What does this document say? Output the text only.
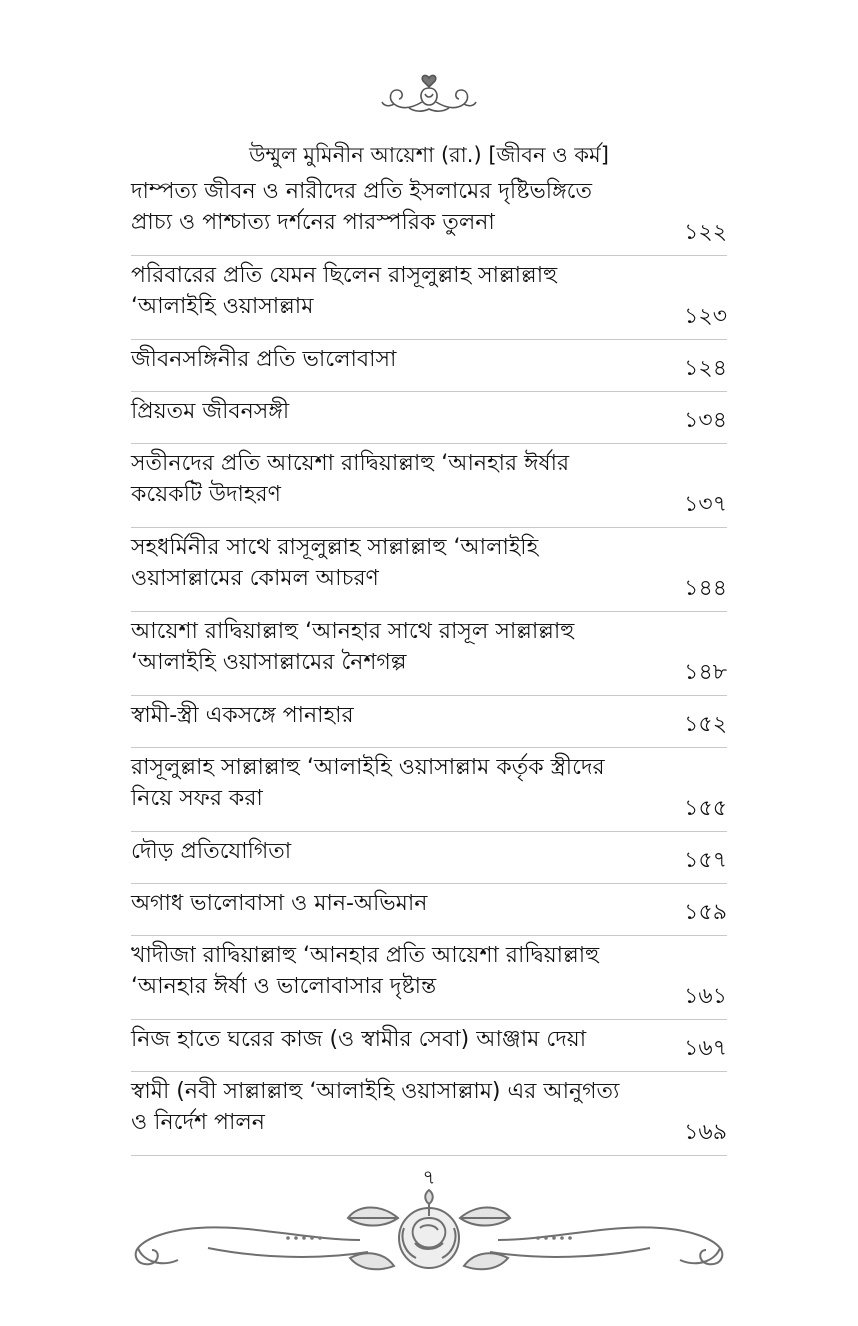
উম্মুল মুমিনীন আয়েশা (রা.) [জীবন ও কর্ম]
দাম্পত্য জীবন ও নারীদের প্রতি ইসলামের দৃষ্টিভঙ্গিতে
প্রাচ্য ও পাশ্চাত্য দর্শনের পারস্পরিক তুলনা	১২২
পরিবারের প্রতি যেমন ছিলেন রাসূলুল্লাহ সাল্লাল্লাহু
‘আলাইহি ওয়াসাল্লাম	১২৩
জীবনসঙ্গিনীর প্রতি ভালোবাসা	১২৪
প্রিয়তম জীবনসঙ্গী	১৩৪
সতীনদের প্রতি আয়েশা রাদ্বিয়াল্লাহু ‘আনহার ঈর্ষার
কয়েকটি উদাহরণ	১৩৭
সহধর্মিনীর সাথে রাসূলুল্লাহ সাল্লাল্লাহু ‘আলাইহি
ওয়াসাল্লামের কোমল আচরণ	১৪৪
আয়েশা রাদ্বিয়াল্লাহু ‘আনহার সাথে রাসূল সাল্লাল্লাহু
‘আলাইহি ওয়াসাল্লামের নৈশগল্প	১৪৮
স্বামী-স্ত্রী একসঙ্গে পানাহার	১৫২
রাসূলুল্লাহ সাল্লাল্লাহু ‘আলাইহি ওয়াসাল্লাম কর্তৃক স্ত্রীদের
নিয়ে সফর করা	১৫৫
দৌড় প্রতিযোগিতা	১৫৭
অগাধ ভালোবাসা ও মান-অভিমান	১৫৯
খাদীজা রাদ্বিয়াল্লাহু ‘আনহার প্রতি আয়েশা রাদ্বিয়াল্লাহু
‘আনহার ঈর্ষা ও ভালোবাসার দৃষ্টান্ত	১৬১
নিজ হাতে ঘরের কাজ (ও স্বামীর সেবা) আঞ্জাম দেয়া	১৬৭
স্বামী (নবী সাল্লাল্লাহু ‘আলাইহি ওয়াসাল্লাম) এর আনুগত্য
ও নির্দেশ পালন	১৬৯
৭
